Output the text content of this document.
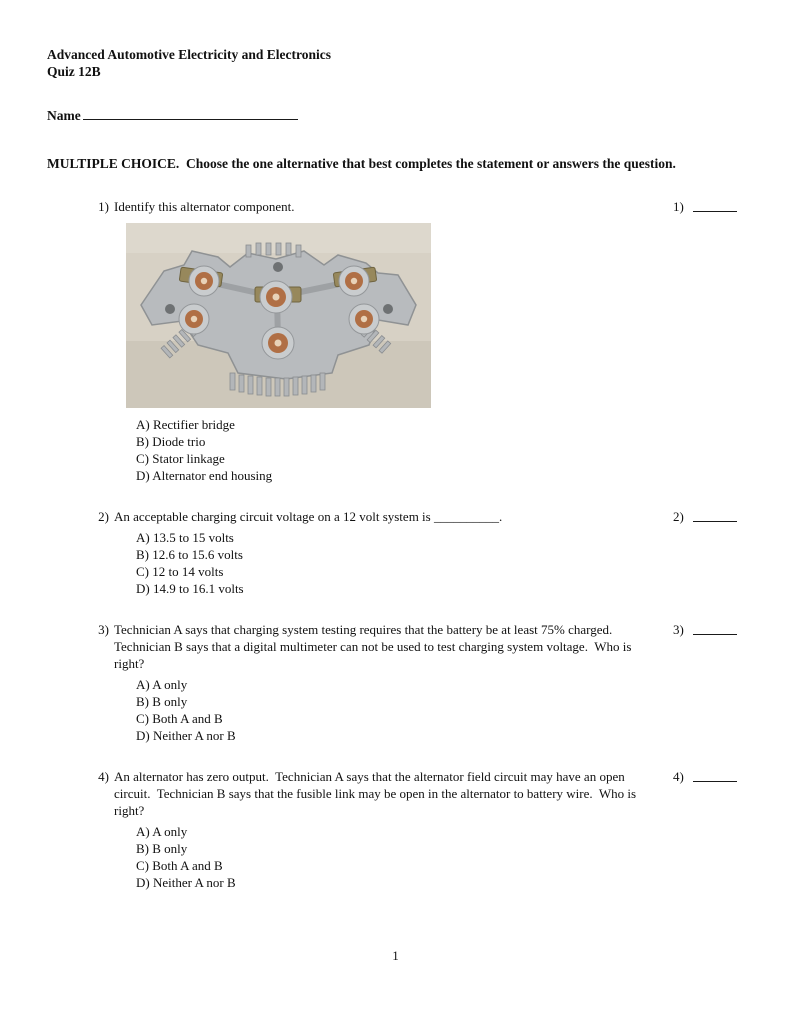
Advanced Automotive Electricity and Electronics
Quiz 12B
Name
MULTIPLE CHOICE.  Choose the one alternative that best completes the statement or answers the question.
1) Identify this alternator component.
A) Rectifier bridge
B) Diode trio
C) Stator linkage
D) Alternator end housing
1)
2) An acceptable charging circuit voltage on a 12 volt system is __________.
A) 13.5 to 15 volts
B) 12.6 to 15.6 volts
C) 12 to 14 volts
D) 14.9 to 16.1 volts
2)
3) Technician A says that charging system testing requires that the battery be at least 75% charged.  Technician B says that a digital multimeter can not be used to test charging system voltage.  Who is right?
A) A only
B) B only
C) Both A and B
D) Neither A nor B
3)
4) An alternator has zero output.  Technician A says that the alternator field circuit may have an open circuit.  Technician B says that the fusible link may be open in the alternator to battery wire.  Who is right?
A) A only
B) B only
C) Both A and B
D) Neither A nor B
4)
1
